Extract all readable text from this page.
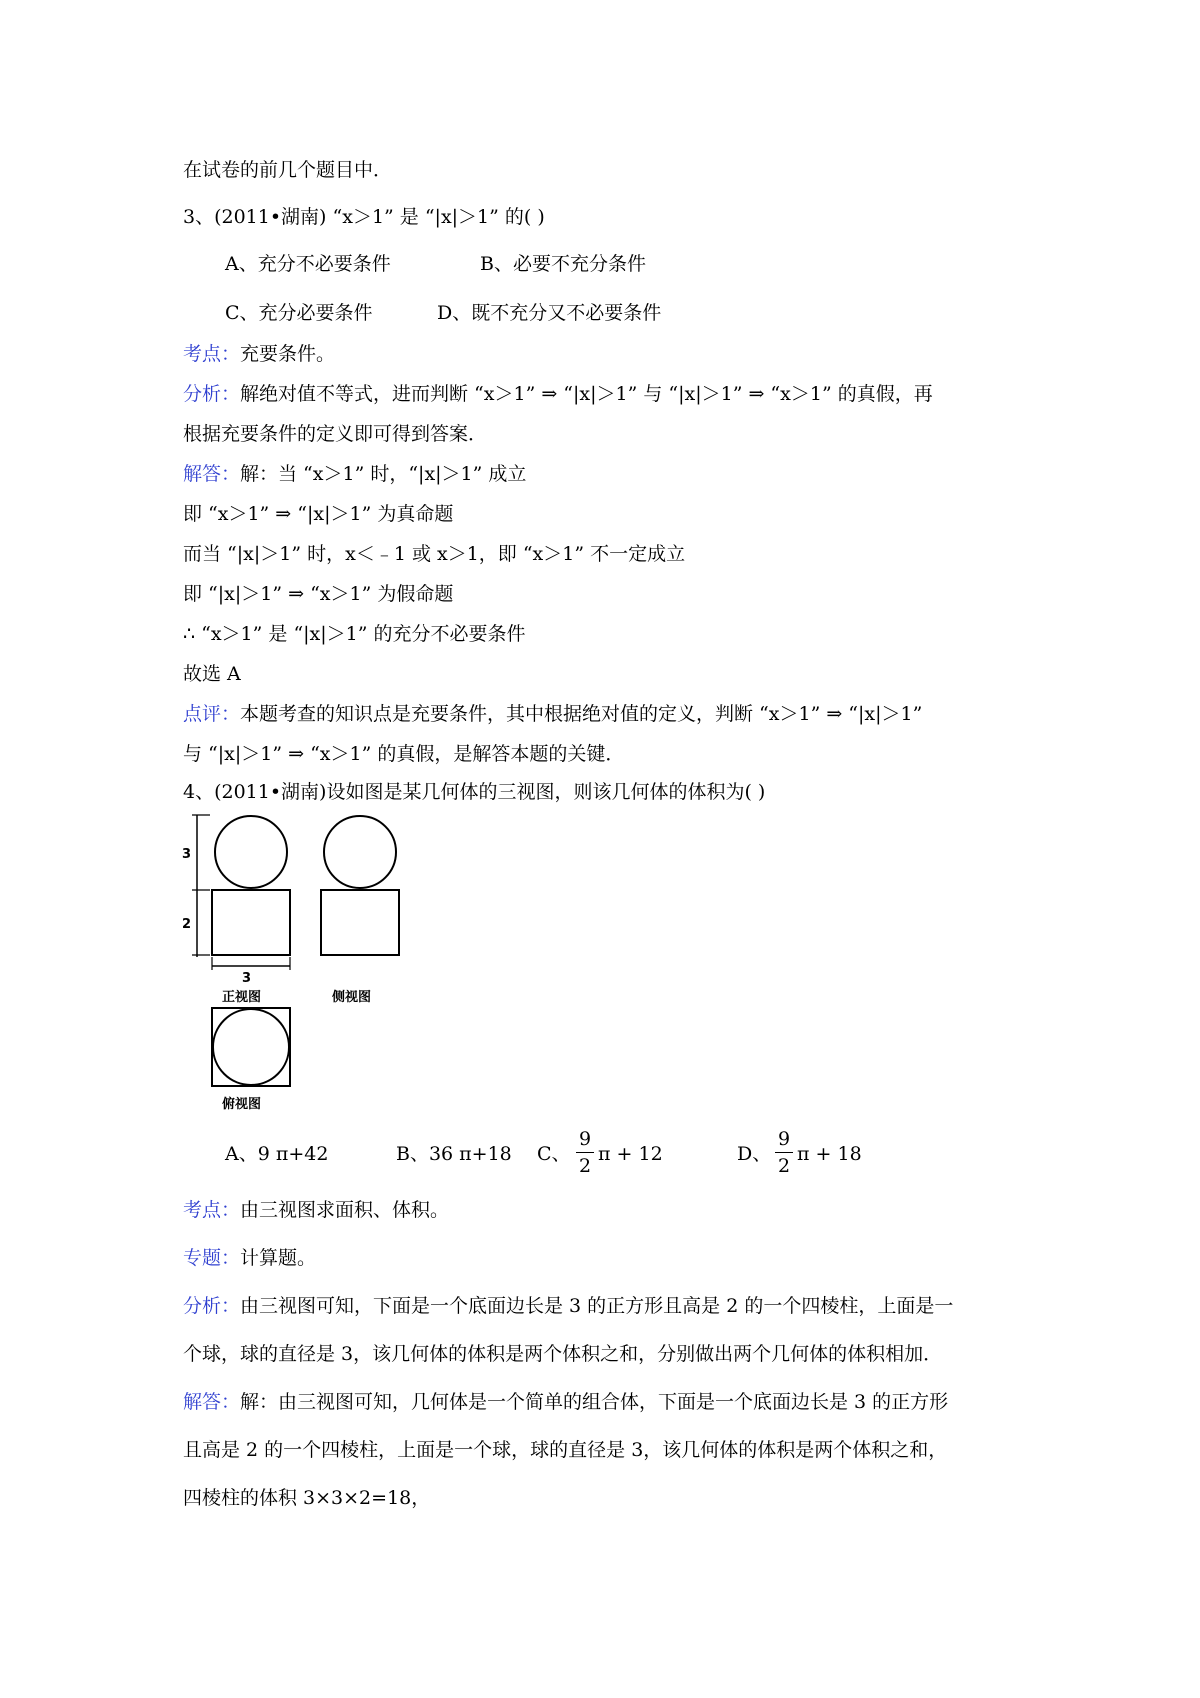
在试卷的前几个题目中．
3、(2011•湖南) “x＞1” 是 “|x|＞1” 的( )
A、充分不必要条件	B、必要不充分条件
C、充分必要条件	D、既不充分又不必要条件
考点：充要条件。
分析：解绝对值不等式，进而判断 “x＞1” ⇒ “|x|＞1” 与 “|x|＞1” ⇒ “x＞1” 的真假，再
根据充要条件的定义即可得到答案．
解答：解：当 “x＞1” 时，“|x|＞1” 成立
即 “x＞1” ⇒ “|x|＞1” 为真命题
而当 “|x|＞1” 时，x＜﹣1 或 x＞1，即 “x＞1” 不一定成立
即 “|x|＞1” ⇒ “x＞1” 为假命题
∴ “x＞1” 是 “|x|＞1” 的充分不必要条件
故选 A
点评：本题考查的知识点是充要条件，其中根据绝对值的定义，判断 “x＞1” ⇒ “|x|＞1”
与 “|x|＞1” ⇒ “x＞1” 的真假，是解答本题的关键．
4、(2011•湖南)设如图是某几何体的三视图，则该几何体的体积为( )
3
2
3
正视图	侧视图
俯视图
A、9 π+42	B、36 π+18 C、
9
2
π + 12	D、
9
2
π + 18
考点：由三视图求面积、体积。
专题：计算题。
分析：由三视图可知，下面是一个底面边长是 3 的正方形且高是 2 的一个四棱柱，上面是一
个球，球的直径是 3，该几何体的体积是两个体积之和，分别做出两个几何体的体积相加．
解答：解：由三视图可知，几何体是一个简单的组合体，下面是一个底面边长是 3 的正方形
且高是 2 的一个四棱柱，上面是一个球，球的直径是 3，该几何体的体积是两个体积之和，
四棱柱的体积 3×3×2=18，
